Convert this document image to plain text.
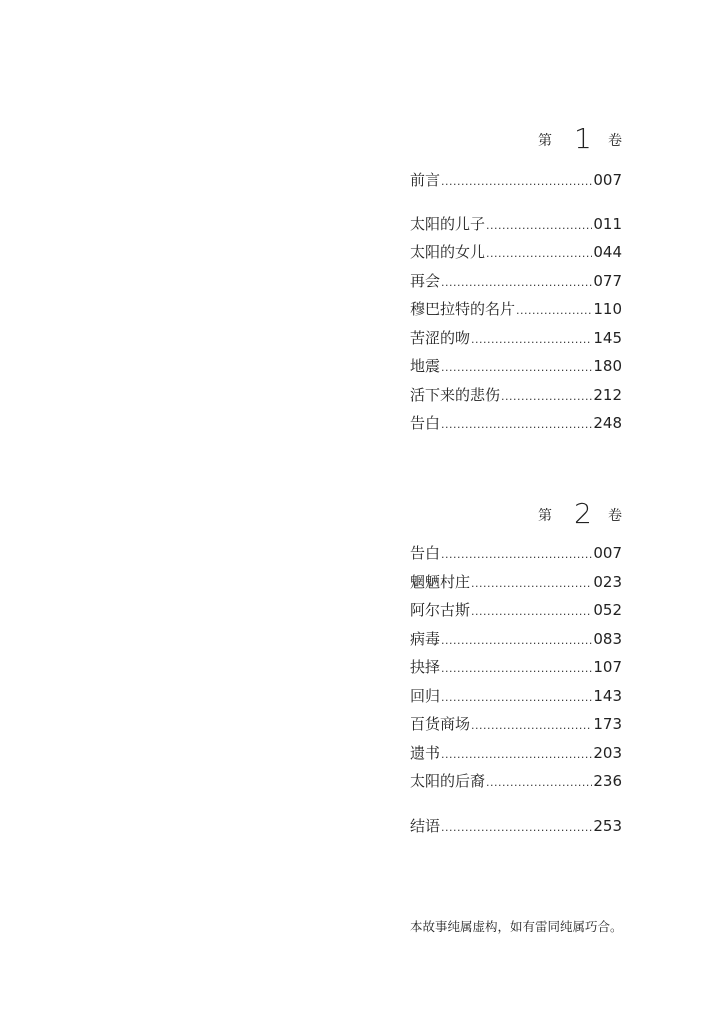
第 1 卷
前言 .....	007
太阳的儿子 .....	011
太阳的女儿 .....	044
再会 .....	077
穆巴拉特的名片 .....	110
苦涩的吻 .....	145
地震 .....	180
活下来的悲伤 .....	212
告白 .....	248
第 2 卷
告白 .....	007
魍魉村庄 .....	023
阿尔古斯 .....	052
病毒 .....	083
抉择 .....	107
回归 .....	143
百货商场 .....	173
遗书 .....	203
太阳的后裔 .....	236
结语 .....	253
本故事纯属虚构，如有雷同纯属巧合。
